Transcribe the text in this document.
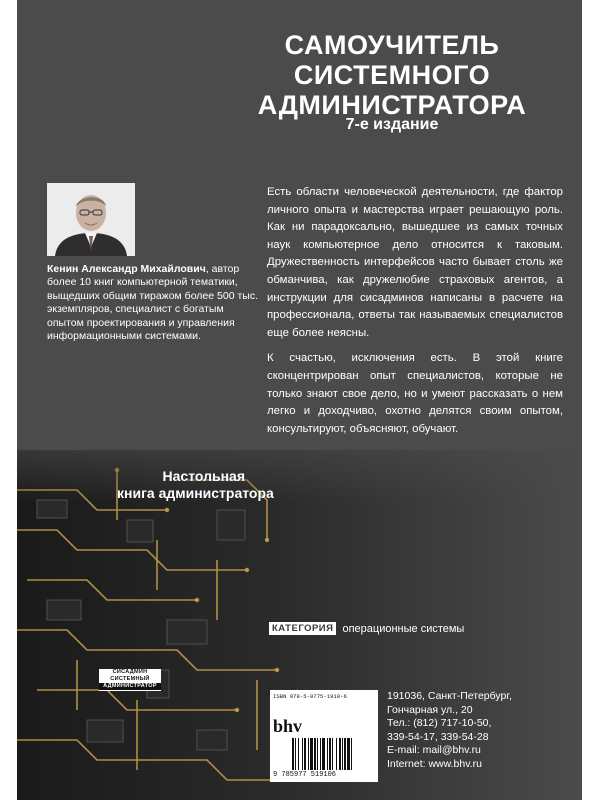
САМОУЧИТЕЛЬ
СИСТЕМНОГО
АДМИНИСТРАТОРА
7-е издание
Кенин Александр Михайлович, автор более 10 книг компьютерной тематики, выщедших общим тиражом более 500 тыс. экземпляров, специалист с богатым опытом проектирования и управления информационными системами.

Есть области человеческой деятельности, где фактор личного опыта и мастерства играет решающую роль. Как ни парадоксально, вышедшее из самых точных наук компьютерное дело относится к таковым. Дружественность интерфейсов часто бывает столь же обманчива, как дружелюбие страховых агентов, а инструкции для сисадминов написаны в расчете на профессионала, ответы так называемых специалистов еще более неясны.

К счастью, исключения есть. В этой книге сконцентрирован опыт специалистов, которые не только знают свое дело, но и умеют рассказать о нем легко и доходчиво, охотно делятся своим опытом, консультируют, объясняют, обучают.

Настольная
книга администратора
СИСАДМИН
СИСТЕМНЫЙ
АДМИНИСТРАТОР
КАТЕГОРИЯ операционные системы
ISBN 978-5-9775-1910-6
bhv
9 785977 519106
191036, Санкт-Петербург,
Гончарная ул., 20
Тел.: (812) 717-10-50,
339-54-17, 339-54-28
E-mail: mail@bhv.ru
Internet: www.bhv.ru
